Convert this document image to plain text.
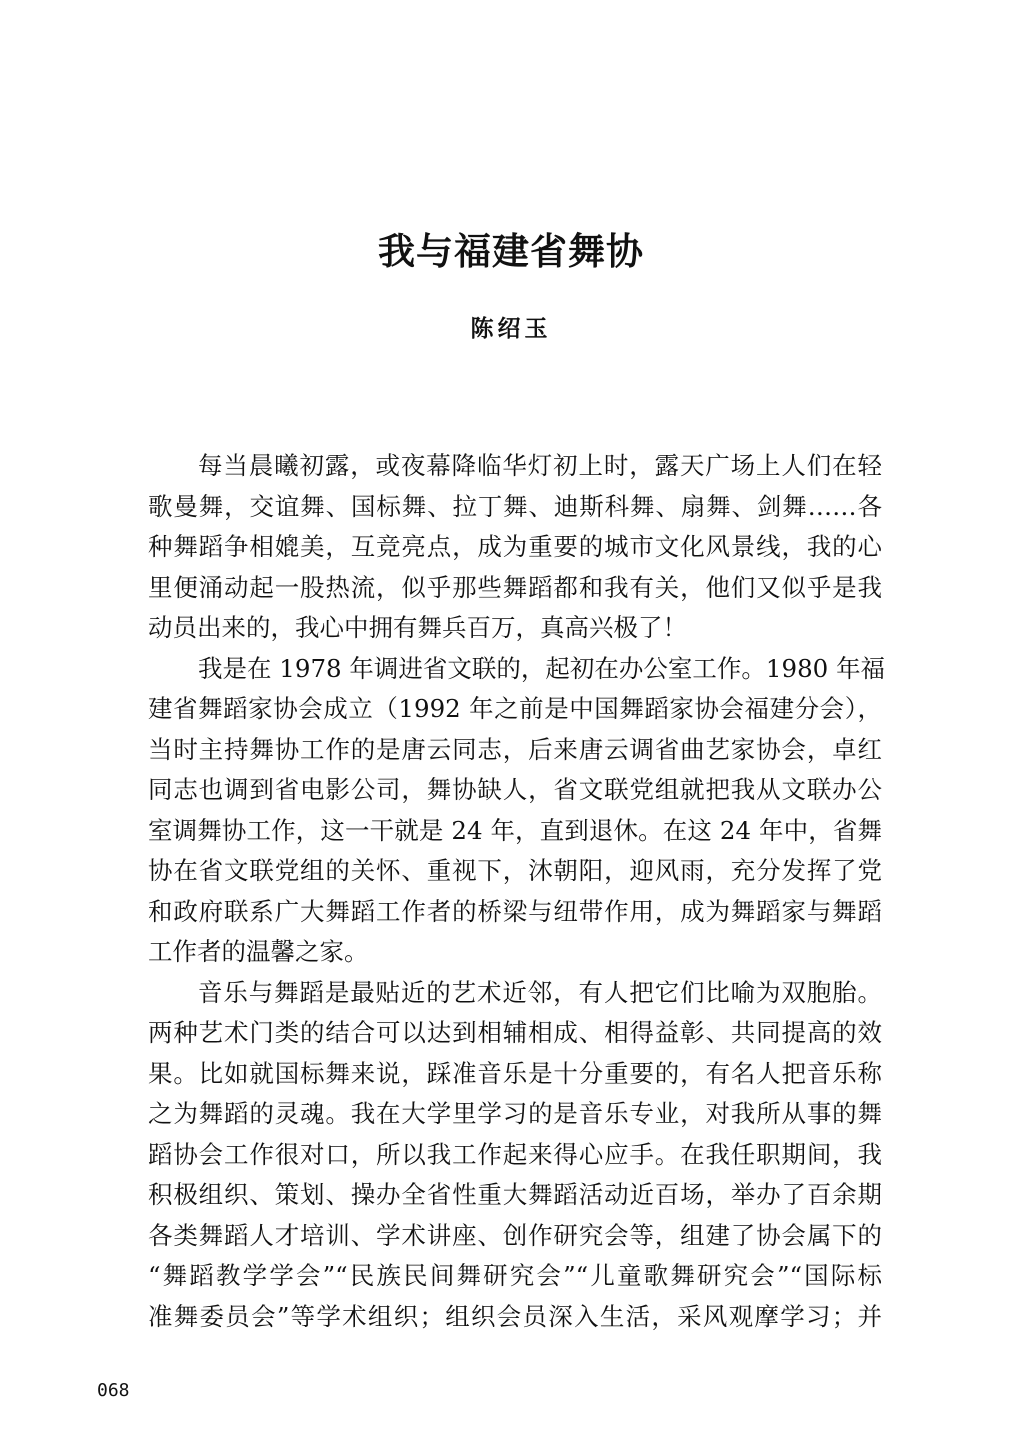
我与福建省舞协

陈绍玉

每当晨曦初露，或夜幕降临华灯初上时，露天广场上人们在轻
歌曼舞，交谊舞、国标舞、拉丁舞、迪斯科舞、扇舞、剑舞……各
种舞蹈争相媲美，互竞亮点，成为重要的城市文化风景线，我的心
里便涌动起一股热流，似乎那些舞蹈都和我有关，他们又似乎是我
动员出来的，我心中拥有舞兵百万，真高兴极了！
我是在 1978 年调进省文联的，起初在办公室工作。1980 年福
建省舞蹈家协会成立（1992 年之前是中国舞蹈家协会福建分会），
当时主持舞协工作的是唐云同志，后来唐云调省曲艺家协会，卓红
同志也调到省电影公司，舞协缺人，省文联党组就把我从文联办公
室调舞协工作，这一干就是 24 年，直到退休。在这 24 年中，省舞
协在省文联党组的关怀、重视下，沐朝阳，迎风雨，充分发挥了党
和政府联系广大舞蹈工作者的桥梁与纽带作用，成为舞蹈家与舞蹈
工作者的温馨之家。
音乐与舞蹈是最贴近的艺术近邻，有人把它们比喻为双胞胎。
两种艺术门类的结合可以达到相辅相成、相得益彰、共同提高的效
果。比如就国标舞来说，踩准音乐是十分重要的，有名人把音乐称
之为舞蹈的灵魂。我在大学里学习的是音乐专业，对我所从事的舞
蹈协会工作很对口，所以我工作起来得心应手。在我任职期间，我
积极组织、策划、操办全省性重大舞蹈活动近百场，举办了百余期
各类舞蹈人才培训、学术讲座、创作研究会等，组建了协会属下的
“舞蹈教学学会”“民族民间舞研究会”“儿童歌舞研究会”“国际标
准舞委员会”等学术组织；组织会员深入生活，采风观摩学习；并

068
